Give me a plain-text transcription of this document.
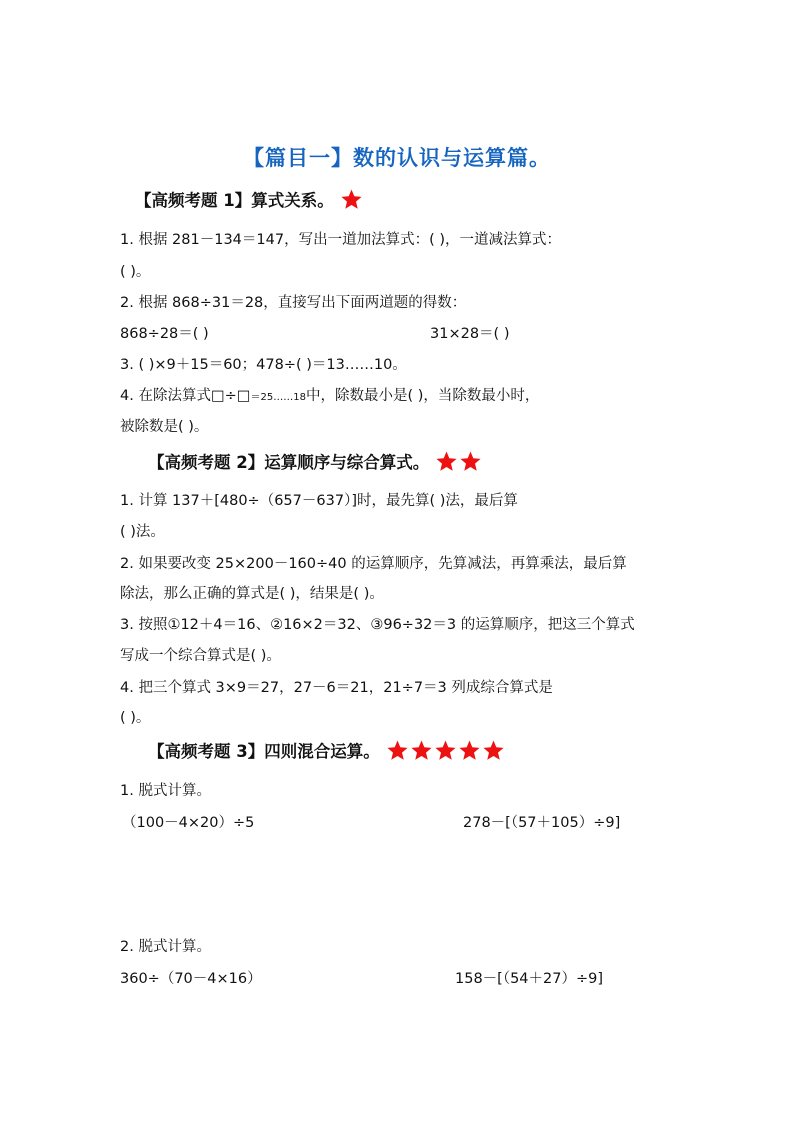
【篇目一】数的认识与运算篇。
【高频考题 1】算式关系。
1. 根据 281－134＝147，写出一道加法算式：( )，一道减法算式：
( )。
2. 根据 868÷31＝28，直接写出下面两道题的得数：
868÷28＝( )	31×28＝( )
3. ( )×9＋15＝60；478÷( )＝13……10。
4. 在除法算式□÷□＝25……18中，除数最小是( )，当除数最小时，
被除数是( )。
【高频考题 2】运算顺序与综合算式。
1. 计算 137＋[480÷（657－637）]时，最先算( )法，最后算
( )法。
2. 如果要改变 25×200－160÷40 的运算顺序，先算减法，再算乘法，最后算
除法，那么正确的算式是( )，结果是( )。
3. 按照①12＋4＝16、②16×2＝32、③96÷32＝3 的运算顺序，把这三个算式
写成一个综合算式是( )。
4. 把三个算式 3×9＝27，27－6＝21，21÷7＝3 列成综合算式是
( )。
【高频考题 3】四则混合运算。
1. 脱式计算。
（100－4×20）÷5	278－[（57＋105）÷9]
2. 脱式计算。
360÷（70－4×16）	158－[（54＋27）÷9]
